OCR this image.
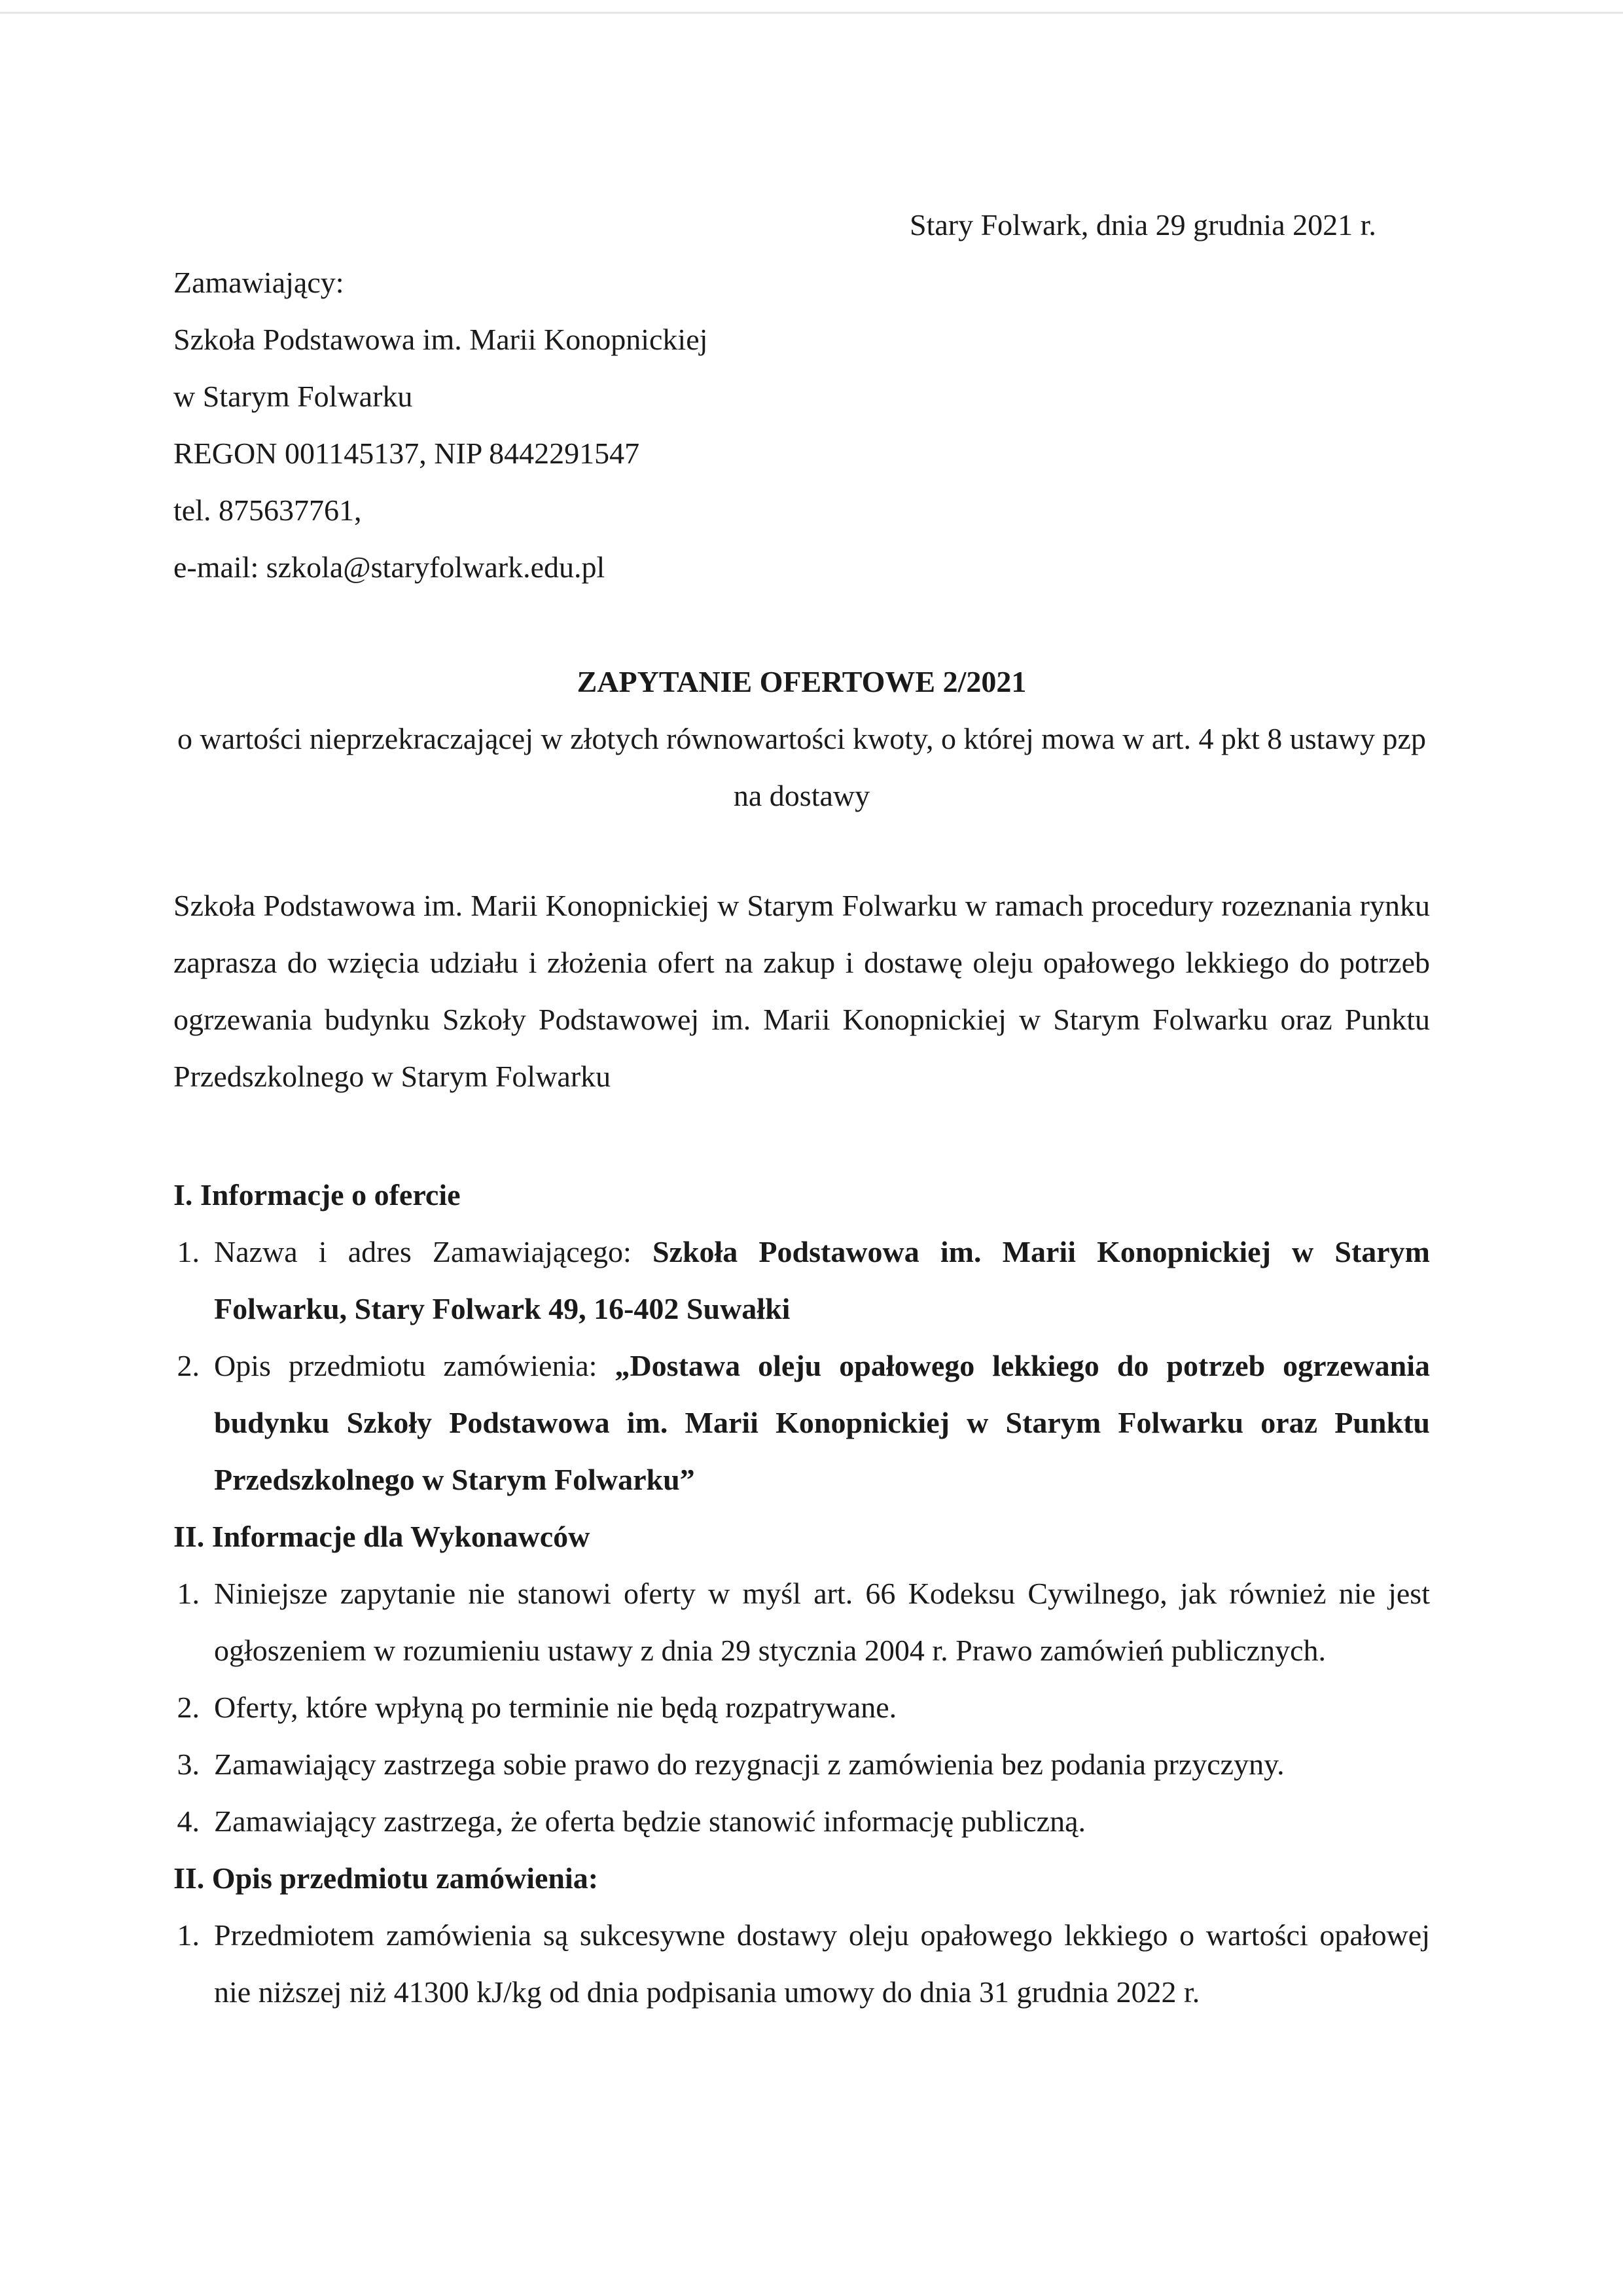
Stary Folwark, dnia 29 grudnia 2021 r.
Zamawiający:
Szkoła Podstawowa im. Marii Konopnickiej
w Starym Folwarku
REGON 001145137, NIP 8442291547
tel. 875637761,
e-mail: szkola@staryfolwark.edu.pl
ZAPYTANIE OFERTOWE 2/2021
o wartości nieprzekraczającej w złotych równowartości kwoty, o której mowa w art. 4 pkt 8 ustawy pzp na dostawy
Szkoła Podstawowa im. Marii Konopnickiej w Starym Folwarku w ramach procedury rozeznania rynku zaprasza do wzięcia udziału i złożenia ofert na zakup i dostawę oleju opałowego lekkiego do potrzeb ogrzewania budynku Szkoły Podstawowej im. Marii Konopnickiej w Starym Folwarku oraz Punktu Przedszkolnego w Starym Folwarku
I. Informacje o ofercie
1. Nazwa i adres Zamawiającego: Szkoła Podstawowa im. Marii Konopnickiej w Starym Folwarku, Stary Folwark 49, 16-402 Suwałki
2. Opis przedmiotu zamówienia: „Dostawa oleju opałowego lekkiego do potrzeb ogrzewania budynku Szkoły Podstawowa im. Marii Konopnickiej w Starym Folwarku oraz Punktu Przedszkolnego w Starym Folwarku”
II. Informacje dla Wykonawców
1. Niniejsze zapytanie nie stanowi oferty w myśl art. 66 Kodeksu Cywilnego, jak również nie jest ogłoszeniem w rozumieniu ustawy z dnia 29 stycznia 2004 r. Prawo zamówień publicznych.
2. Oferty, które wpłyną po terminie nie będą rozpatrywane.
3. Zamawiający zastrzega sobie prawo do rezygnacji z zamówienia bez podania przyczyny.
4. Zamawiający zastrzega, że oferta będzie stanowić informację publiczną.
II. Opis przedmiotu zamówienia:
1. Przedmiotem zamówienia są sukcesywne dostawy oleju opałowego lekkiego o wartości opałowej nie niższej niż 41300 kJ/kg od dnia podpisania umowy do dnia 31 grudnia 2022 r.
